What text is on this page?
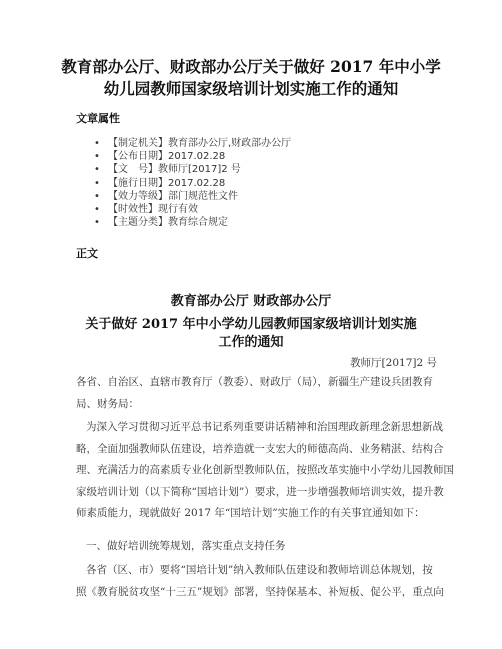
教育部办公厅、财政部办公厅关于做好 2017 年中小学
幼儿园教师国家级培训计划实施工作的通知
文章属性
• 【制定机关】教育部办公厅,财政部办公厅
• 【公布日期】2017.02.28
• 【文　号】教师厅[2017]2 号
• 【施行日期】2017.02.28
• 【效力等级】部门规范性文件
• 【时效性】现行有效
• 【主题分类】教育综合规定
正文
教育部办公厅 财政部办公厅
关于做好 2017 年中小学幼儿园教师国家级培训计划实施
工作的通知
教师厅[2017]2 号
各省、自治区、直辖市教育厅（教委）、财政厅（局），新疆生产建设兵团教育
局、财务局：
为深入学习贯彻习近平总书记系列重要讲话精神和治国理政新理念新思想新战
略，全面加强教师队伍建设，培养造就一支宏大的师德高尚、业务精湛、结构合
理、充满活力的高素质专业化创新型教师队伍，按照改革实施中小学幼儿园教师国
家级培训计划（以下简称“国培计划”）要求，进一步增强教师培训实效，提升教
师素质能力，现就做好 2017 年“国培计划”实施工作的有关事宜通知如下：
一、做好培训统筹规划，落实重点支持任务
各省（区、市）要将“国培计划”纳入教师队伍建设和教师培训总体规划，按
照《教育脱贫攻坚“十三五”规划》部署，坚持保基本、补短板、促公平，重点向
